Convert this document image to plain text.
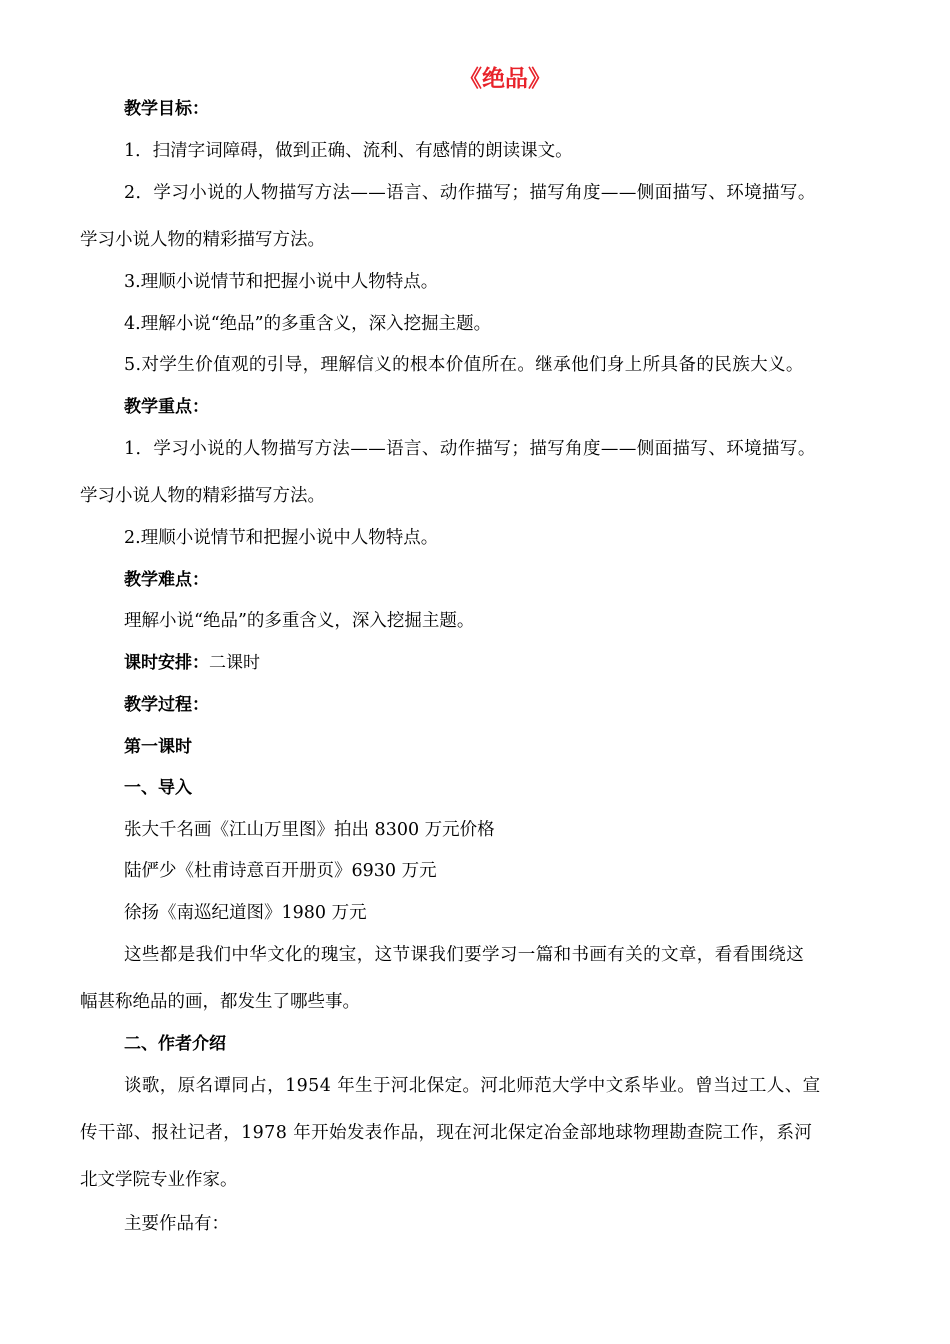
《绝品》
教学目标：
1．扫清字词障碍，做到正确、流利、有感情的朗读课文。
2．学习小说的人物描写方法——语言、动作描写；描写角度——侧面描写、环境描写。
学习小说人物的精彩描写方法。
3.理顺小说情节和把握小说中人物特点。
4.理解小说“绝品”的多重含义，深入挖掘主题。
5.对学生价值观的引导，理解信义的根本价值所在。继承他们身上所具备的民族大义。
教学重点：
1．学习小说的人物描写方法——语言、动作描写；描写角度——侧面描写、环境描写。
学习小说人物的精彩描写方法。
2.理顺小说情节和把握小说中人物特点。
教学难点：
理解小说“绝品”的多重含义，深入挖掘主题。
课时安排：二课时
教学过程：
第一课时
一、导入
张大千名画《江山万里图》拍出 8300 万元价格
陆俨少《杜甫诗意百开册页》6930 万元
徐扬《南巡纪道图》1980 万元
这些都是我们中华文化的瑰宝，这节课我们要学习一篇和书画有关的文章，看看围绕这
幅甚称绝品的画，都发生了哪些事。
二、作者介绍
谈歌，原名谭同占，1954 年生于河北保定。河北师范大学中文系毕业。曾当过工人、宣
传干部、报社记者，1978 年开始发表作品，现在河北保定冶金部地球物理勘查院工作，系河
北文学院专业作家。
主要作品有：
